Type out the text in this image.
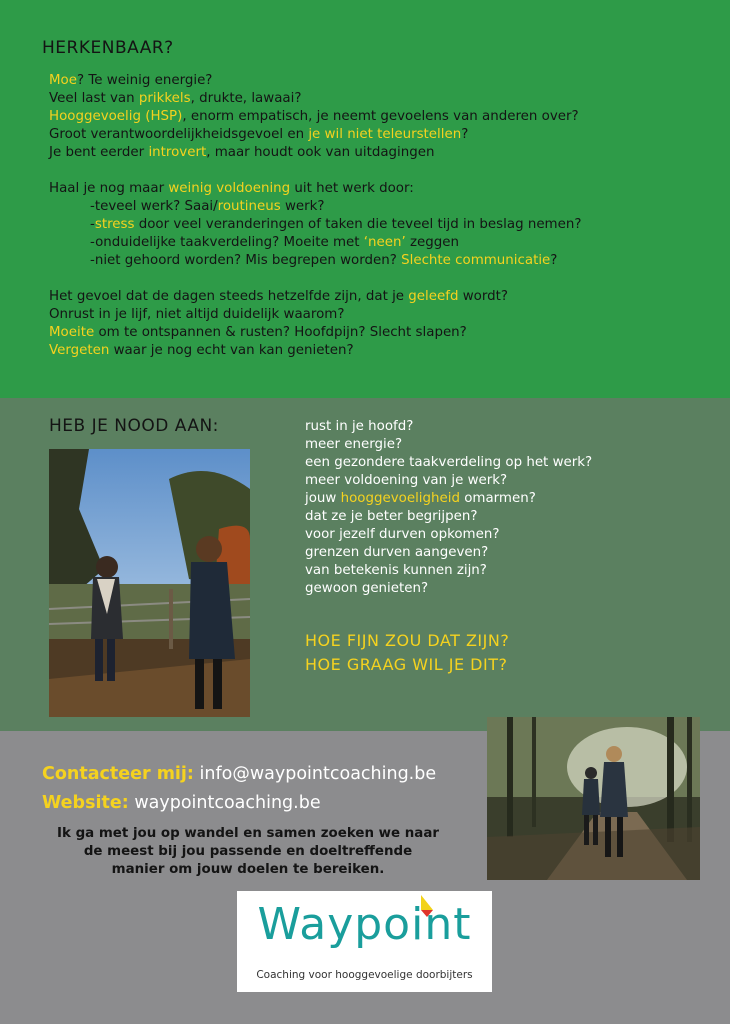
HERKENBAAR?
Moe? Te weinig energie?
Veel last van prikkels, drukte, lawaai?
Hooggevoelig (HSP), enorm empatisch, je neemt gevoelens van anderen over?
Groot verantwoordelijkheidsgevoel en je wil niet teleurstellen?
Je bent eerder introvert, maar houdt ook van uitdagingen
Haal je nog maar weinig voldoening uit het werk door:
-teveel werk? Saai/routineus werk?
-stress door veel veranderingen of taken die teveel tijd in beslag nemen?
-onduidelijke taakverdeling? Moeite met ‘neen’ zeggen
-niet gehoord worden? Mis begrepen worden? Slechte communicatie?
Het gevoel dat de dagen steeds hetzelfde zijn, dat je geleefd wordt?
Onrust in je lijf, niet altijd duidelijk waarom?
Moeite om te ontspannen & rusten? Hoofdpijn? Slecht slapen?
Vergeten waar je nog echt van kan genieten?
HEB JE NOOD AAN:	rust in je hoofd?
meer energie?
een gezondere taakverdeling op het werk?
meer voldoening van je werk?
jouw hooggevoeligheid omarmen?
dat ze je beter begrijpen?
voor jezelf durven opkomen?
grenzen durven aangeven?
van betekenis kunnen zijn?
gewoon genieten?
HOE FIJN ZOU DAT ZIJN?
HOE GRAAG WIL JE DIT?
Contacteer mij: info@waypointcoaching.be
Website: waypointcoaching.be
Ik ga met jou op wandel en samen zoeken we naar
de meest bij jou passende en doeltreffende
manier om jouw doelen te bereiken.
Waypoint
Coaching voor hooggevoelige doorbijters
